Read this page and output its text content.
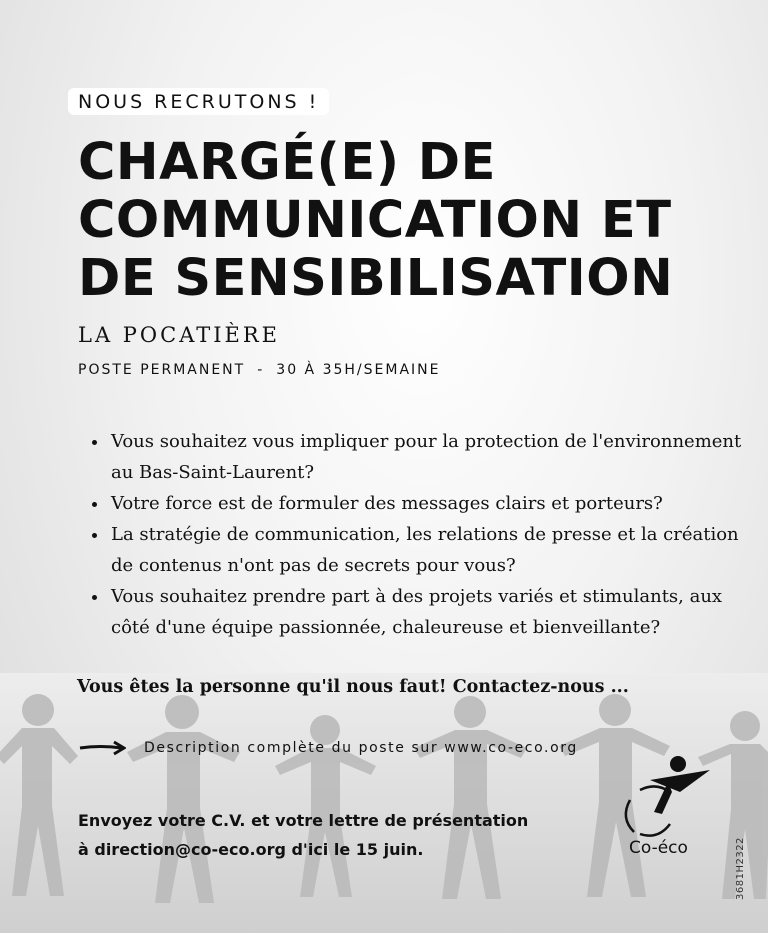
NOUS RECRUTONS !
CHARGÉ(E) DE COMMUNICATION ET DE SENSIBILISATION
LA POCATIÈRE
POSTE PERMANENT - 30 À 35H/SEMAINE
• Vous souhaitez vous impliquer pour la protection de l'environnement au Bas-Saint-Laurent?
• Votre force est de formuler des messages clairs et porteurs?
• La stratégie de communication, les relations de presse et la création de contenus n'ont pas de secrets pour vous?
• Vous souhaitez prendre part à des projets variés et stimulants, aux côté d'une équipe passionnée, chaleureuse et bienveillante?
Vous êtes la personne qu'il nous faut! Contactez-nous ...
Description complète du poste sur www.co-eco.org
Envoyez votre C.V. et votre lettre de présentation
à direction@co-eco.org d'ici le 15 juin.	Co-éco	3681H2322
